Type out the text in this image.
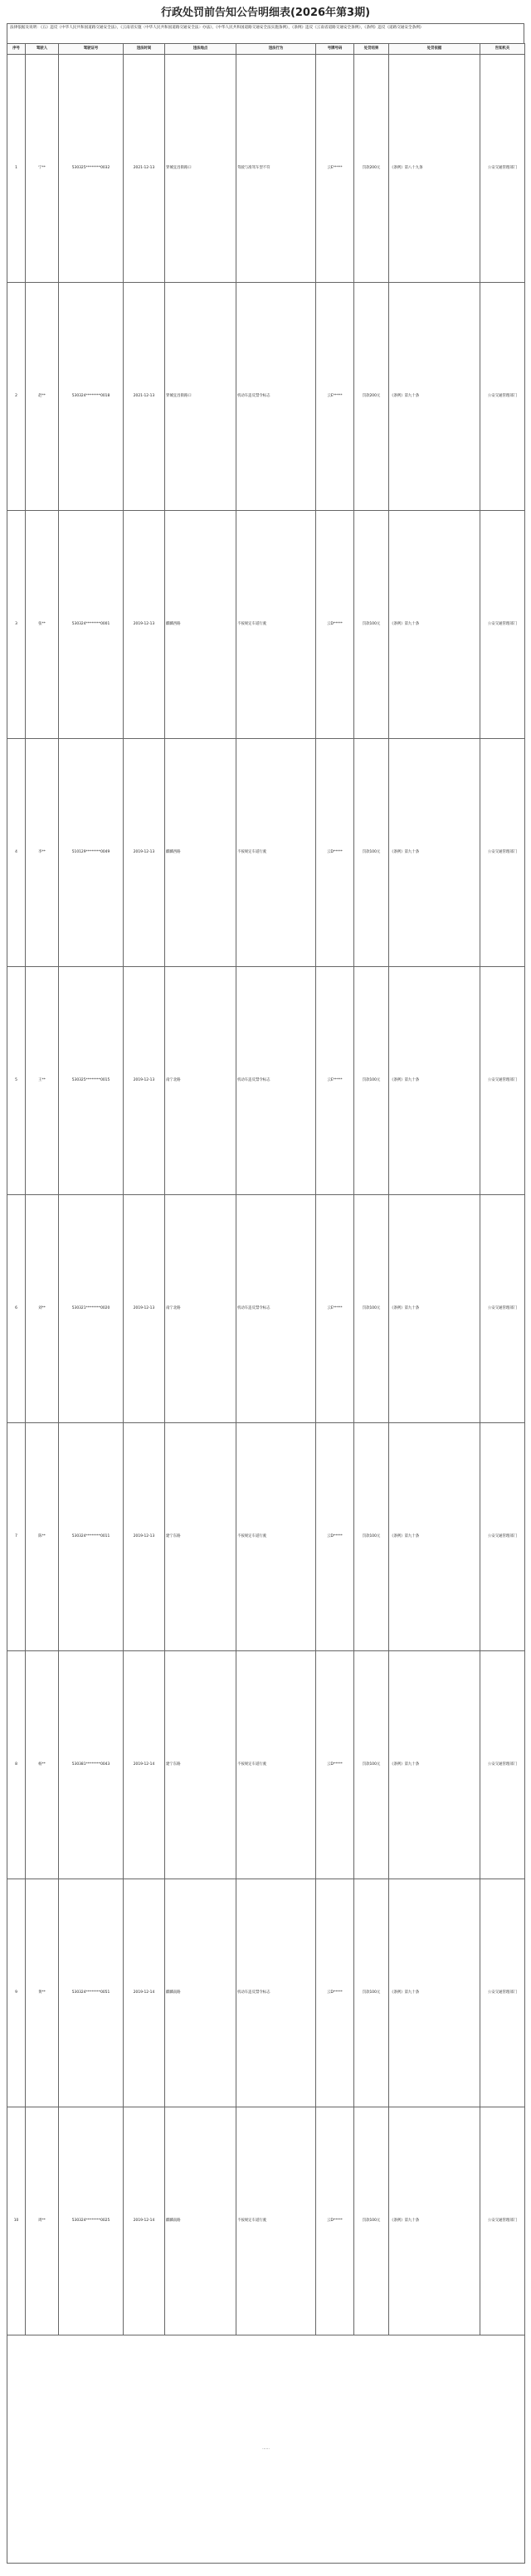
行政处罚前告知公告明细表(2026年第3期)
法律依据及说明：《五》违反《中华人民共和国道路交通安全法》，《云南省实施〈中华人民共和国道路交通安全法〉办法》，《中华人民共和国道路交通安全法实施条例》，《条例》违反《云南省道路交通安全条例》，《条例》违反《道路交通安全条例》
序号	驾驶人	驾驶证号	违法时间	违法地点	违法行为	号牌号码	处罚结果	处罚依据	告知机关
1	宁**	530325********0032	2021-12-13	穿城宜昌街路口	驾驶与准驾车型不符	云E*****	罚款200元	《条例》第八十九条	公安交通管理部门
2	赵**	530324********0018	2021-12-13	穿城宜昌街路口	机动车违反禁令标志	云E*****	罚款200元	《条例》第九十条	公安交通管理部门
3	张**	530324********0001	2019-12-13	麒麟西路	不按规定车道行驶	云D*****	罚款100元	《条例》第九十条	公安交通管理部门
4	李**	510129********0049	2019-12-13	麒麟西路	不按规定车道行驶	云D*****	罚款100元	《条例》第九十条	公安交通管理部门
5	王**	530325********0015	2019-12-13	南宁北路	机动车违反禁令标志	云E*****	罚款100元	《条例》第九十条	公安交通管理部门
6	刘**	530321********0020	2019-12-13	南宁北路	机动车违反禁令标志	云E*****	罚款100元	《条例》第九十条	公安交通管理部门
7	陈**	530324********0011	2019-12-13	建宁东路	不按规定车道行驶	云D*****	罚款100元	《条例》第九十条	公安交通管理部门
8	杨**	530381********0043	2019-12-14	建宁东路	不按规定车道行驶	云D*****	罚款100元	《条例》第九十条	公安交通管理部门
9	黄**	530324********0051	2019-12-14	麒麟南路	机动车违反禁令标志	云D*****	罚款100元	《条例》第九十条	公安交通管理部门
10	周**	530324********0025	2019-12-14	麒麟南路	不按规定车道行驶	云D*****	罚款100元	《条例》第九十条	公安交通管理部门
……									
